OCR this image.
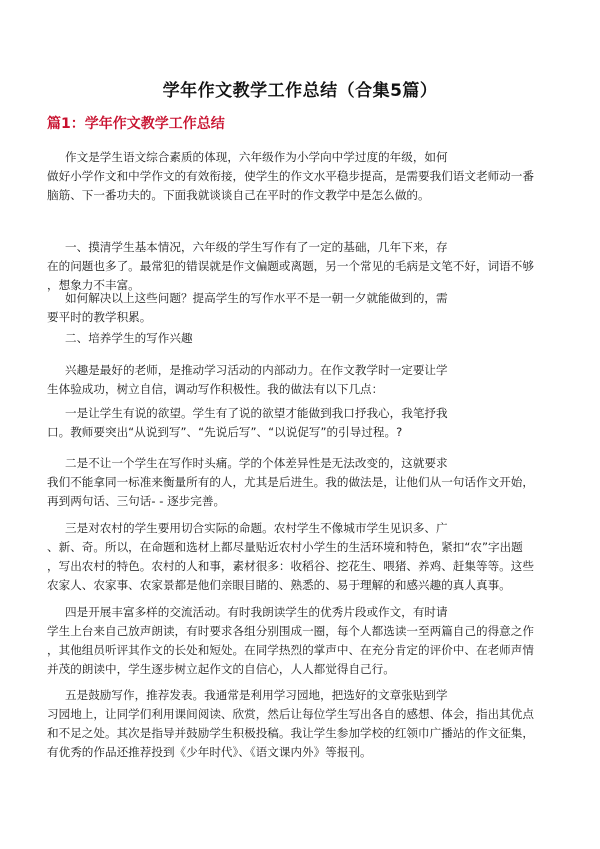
学年作文教学工作总结（合集5篇）
篇1：学年作文教学工作总结
作文是学生语文综合素质的体现，六年级作为小学向中学过度的年级，如何
做好小学作文和中学作文的有效衔接，使学生的作文水平稳步提高，是需要我们语文老师动一番
脑筋、下一番功夫的。下面我就谈谈自己在平时的作文教学中是怎么做的。
一、摸清学生基本情况，六年级的学生写作有了一定的基础，几年下来，存
在的问题也多了。最常犯的错误就是作文偏题或离题，另一个常见的毛病是文笔不好，词语不够
，想象力不丰富。
如何解决以上这些问题？提高学生的写作水平不是一朝一夕就能做到的，需
要平时的教学积累。
二、培养学生的写作兴趣
兴趣是最好的老师，是推动学习活动的内部动力。在作文教学时一定要让学
生体验成功，树立自信，调动写作积极性。我的做法有以下几点：
一是让学生有说的欲望。学生有了说的欲望才能做到我口抒我心，我笔抒我
口。教师要突出“从说到写”、“先说后写”、“以说促写”的引导过程。?
二是不让一个学生在写作时头痛。学的个体差异性是无法改变的，这就要求
我们不能拿同一标准来衡量所有的人，尤其是后进生。我的做法是，让他们从一句话作文开始，
再到两句话、三句话- - 逐步完善。
三是对农村的学生要用切合实际的命题。农村学生不像城市学生见识多、广
、新、奇。所以，在命题和选材上都尽量贴近农村小学生的生活环境和特色，紧扣“农”字出题
，写出农村的特色。农村的人和事，素材很多：收稻谷、挖花生、喂猪、养鸡、赶集等等。这些
农家人、农家事、农家景都是他们亲眼目睹的、熟悉的、易于理解的和感兴趣的真人真事。
四是开展丰富多样的交流活动。有时我朗读学生的优秀片段或作文，有时请
学生上台来自己放声朗读，有时要求各组分别围成一圈，每个人都选读一至两篇自己的得意之作
，其他组员听评其作文的长处和短处。在同学热烈的掌声中、在充分肯定的评价中、在老师声情
并茂的朗读中，学生逐步树立起作文的自信心，人人都觉得自己行。
五是鼓励写作，推荐发表。我通常是利用学习园地，把选好的文章张贴到学
习园地上，让同学们利用课间阅读、欣赏，然后让每位学生写出各自的感想、体会，指出其优点
和不足之处。其次是指导并鼓励学生积极投稿。我让学生参加学校的红领巾广播站的作文征集，
有优秀的作品还推荐投到《少年时代》、《语文课内外》等报刊。
